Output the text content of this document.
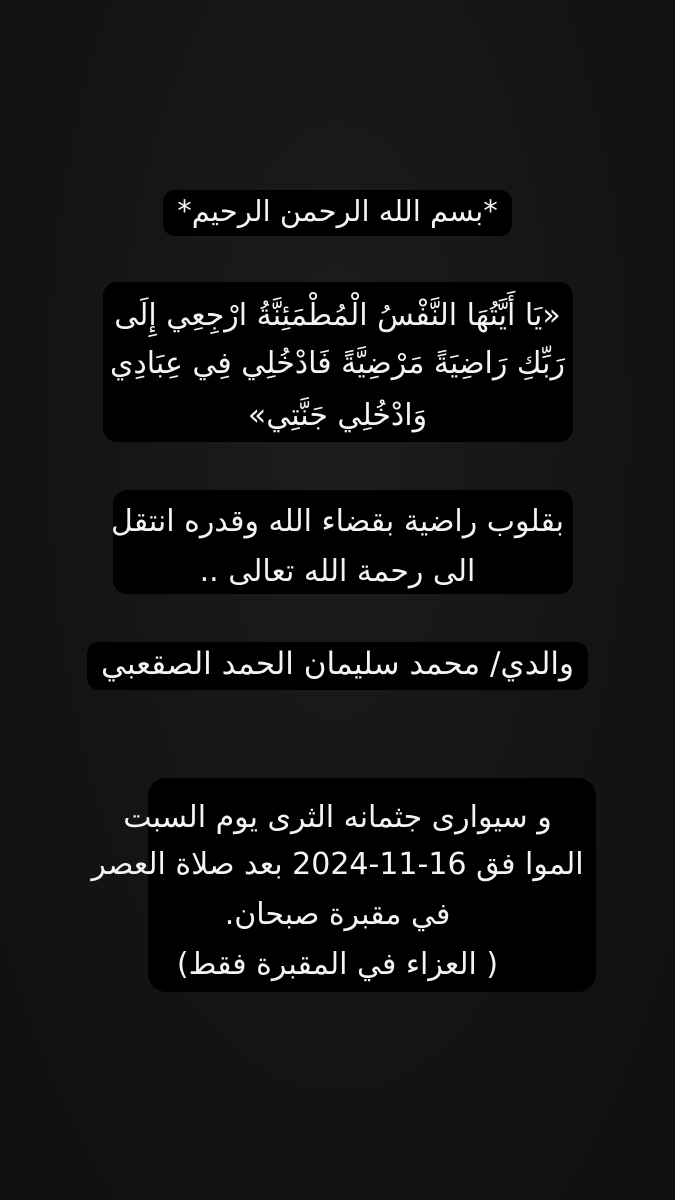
*بسم الله الرحمن الرحيم*
«يَا أَيَّتُهَا النَّفْسُ الْمُطْمَئِنَّةُ ارْجِعِي إِلَى
رَبِّكِ رَاضِيَةً مَرْضِيَّةً فَادْخُلِي فِي عِبَادِي
وَادْخُلِي جَنَّتِي»
بقلوب راضية بقضاء الله وقدره انتقل
الى رحمة الله تعالى ..
والدي/ محمد سليمان الحمد الصقعبي
و سيوارى جثمانه الثرى يوم السبت
الموا فق 16-11-2024 بعد صلاة العصر
في مقبرة صبحان.
( العزاء في المقبرة فقط)
